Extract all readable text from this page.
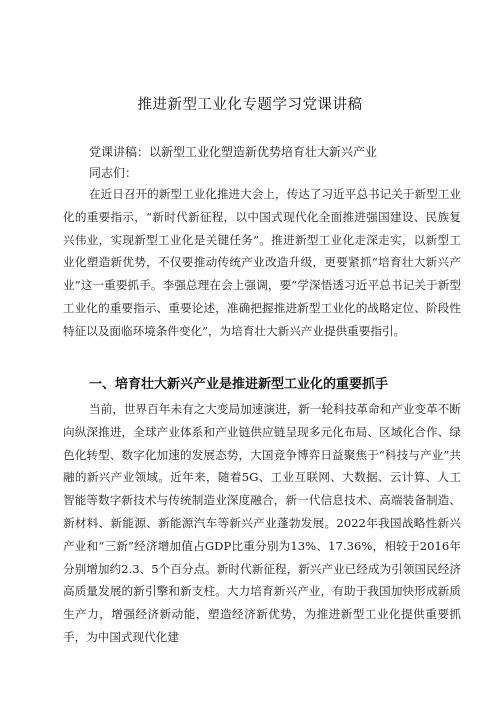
推进新型工业化专题学习党课讲稿
党课讲稿：以新型工业化塑造新优势培育壮大新兴产业
同志们：
在近日召开的新型工业化推进大会上，传达了习近平总书记关于新型工业化的重要指示，“新时代新征程，以中国式现代化全面推进强国建设、民族复兴伟业，实现新型工业化是关键任务”。推进新型工业化走深走实，以新型工业化塑造新优势，不仅要推动传统产业改造升级，更要紧抓“培育壮大新兴产业”这一重要抓手。李强总理在会上强调，要“学深悟透习近平总书记关于新型工业化的重要指示、重要论述，准确把握推进新型工业化的战略定位、阶段性特征以及面临环境条件变化”，为培育壮大新兴产业提供重要指引。
一、培育壮大新兴产业是推进新型工业化的重要抓手
当前，世界百年未有之大变局加速演进，新一轮科技革命和产业变革不断向纵深推进，全球产业体系和产业链供应链呈现多元化布局、区域化合作、绿色化转型、数字化加速的发展态势，大国竞争博弈日益聚焦于“科技与产业”共融的新兴产业领域。近年来，随着5G、工业互联网、大数据、云计算、人工智能等数字新技术与传统制造业深度融合，新一代信息技术、高端装备制造、新材料、新能源、新能源汽车等新兴产业蓬勃发展。2022年我国战略性新兴产业和“三新”经济增加值占GDP比重分别为13%、17.36%，相较于2016年分别增加约2.3、5个百分点。新时代新征程，新兴产业已经成为引领国民经济高质量发展的新引擎和新支柱。大力培育新兴产业，有助于我国加快形成新质生产力，增强经济新动能，塑造经济新优势，为推进新型工业化提供重要抓手，为中国式现代化建
